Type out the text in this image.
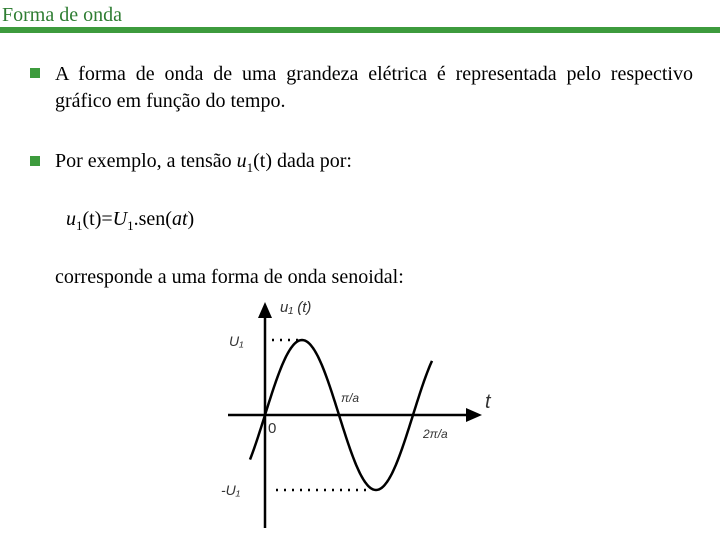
Forma de onda
A forma de onda de uma grandeza elétrica é representada pelo respectivo gráfico em função do tempo.
Por exemplo, a tensão $u_1(t)$ dada por:
$u_1(t)=U_1.sen(at)$
corresponde a uma forma de onda senoidal:
u₁ (t)
t
U₁
-U₁
0
π/a
2π/a
